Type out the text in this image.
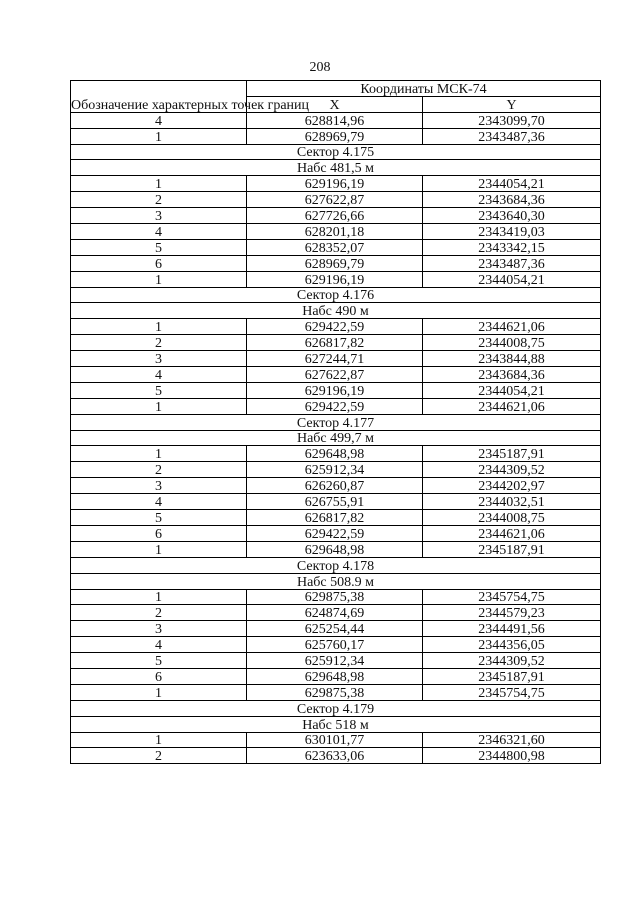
208
Обозначение характерных точек границ	Координаты МСК-74	
	X	Y
4	628814,96	2343099,70
1	628969,79	2343487,36
Сектор 4.175		
Набс 481,5 м		
1	629196,19	2344054,21
2	627622,87	2343684,36
3	627726,66	2343640,30
4	628201,18	2343419,03
5	628352,07	2343342,15
6	628969,79	2343487,36
1	629196,19	2344054,21
Сектор 4.176		
Набс 490 м		
1	629422,59	2344621,06
2	626817,82	2344008,75
3	627244,71	2343844,88
4	627622,87	2343684,36
5	629196,19	2344054,21
1	629422,59	2344621,06
Сектор 4.177		
Набс 499,7 м		
1	629648,98	2345187,91
2	625912,34	2344309,52
3	626260,87	2344202,97
4	626755,91	2344032,51
5	626817,82	2344008,75
6	629422,59	2344621,06
1	629648,98	2345187,91
Сектор 4.178		
Набс 508.9 м		
1	629875,38	2345754,75
2	624874,69	2344579,23
3	625254,44	2344491,56
4	625760,17	2344356,05
5	625912,34	2344309,52
6	629648,98	2345187,91
1	629875,38	2345754,75
Сектор 4.179		
Набс 518 м		
1	630101,77	2346321,60
2	623633,06	2344800,98
